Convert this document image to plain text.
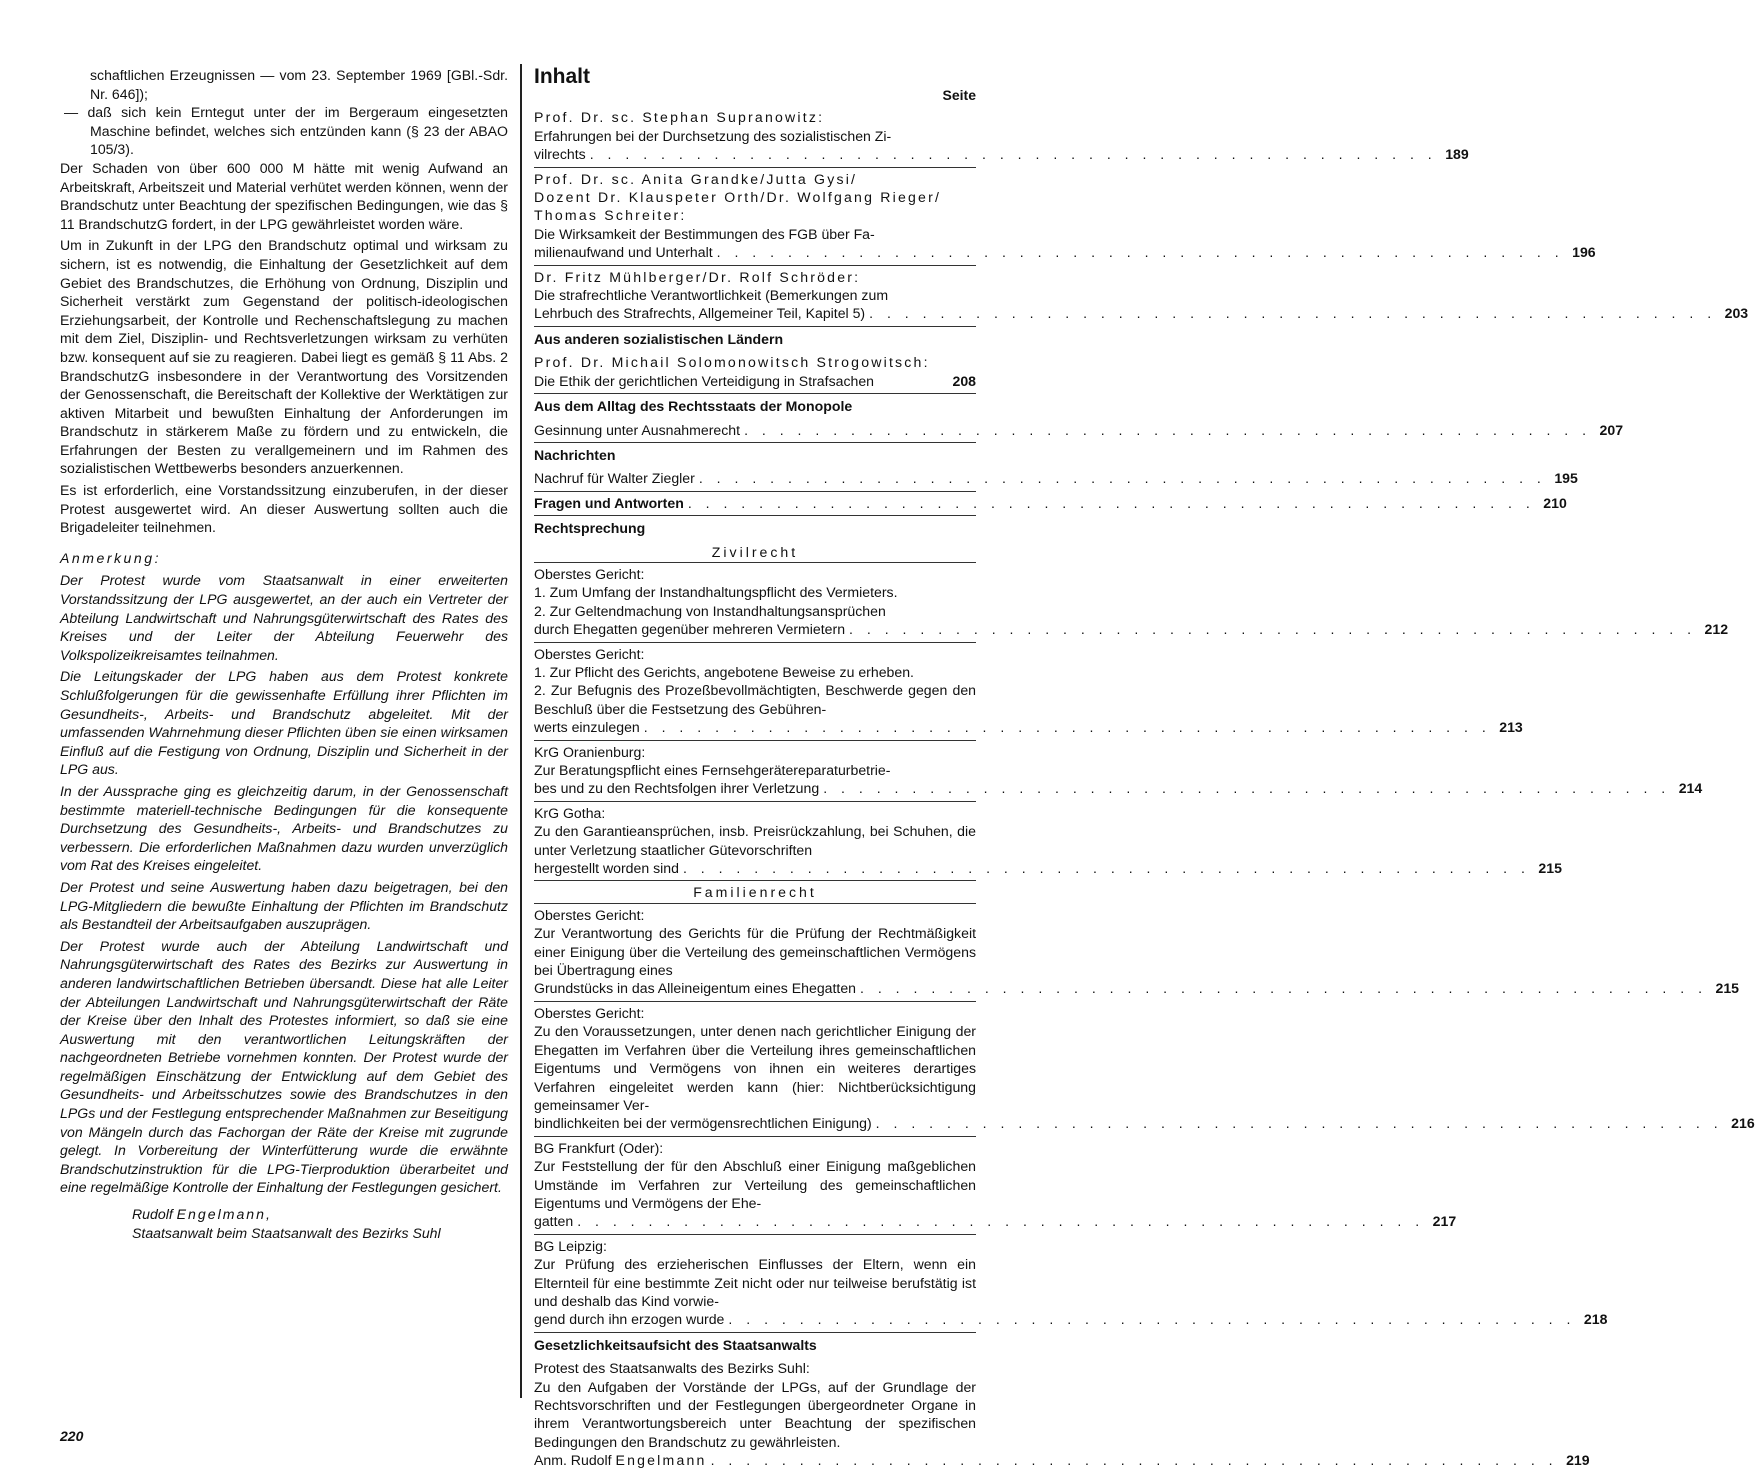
schaftlichen Erzeugnissen — vom 23. September 1969 [GBl.-Sdr. Nr. 646]);

— daß sich kein Erntegut unter der im Bergeraum eingesetzten Maschine befindet, welches sich entzünden kann (§ 23 der ABAO 105/3).

Der Schaden von über 600 000 M hätte mit wenig Aufwand an Arbeitskraft, Arbeitszeit und Material verhütet werden können, wenn der Brandschutz unter Beachtung der spezifischen Bedingungen, wie das § 11 BrandschutzG fordert, in der LPG gewährleistet worden wäre.

Um in Zukunft in der LPG den Brandschutz optimal und wirksam zu sichern, ist es notwendig, die Einhaltung der Gesetzlichkeit auf dem Gebiet des Brandschutzes, die Erhöhung von Ordnung, Disziplin und Sicherheit verstärkt zum Gegenstand der politisch-ideologischen Erziehungsarbeit, der Kontrolle und Rechenschaftslegung zu machen mit dem Ziel, Disziplin- und Rechtsverletzungen wirksam zu verhüten bzw. konsequent auf sie zu reagieren. Dabei liegt es gemäß § 11 Abs. 2 BrandschutzG insbesondere in der Verantwortung des Vorsitzenden der Genossenschaft, die Bereitschaft der Kollektive der Werktätigen zur aktiven Mitarbeit und bewußten Einhaltung der Anforderungen im Brandschutz in stärkerem Maße zu fördern und zu entwickeln, die Erfahrungen der Besten zu verallgemeinern und im Rahmen des sozialistischen Wettbewerbs besonders anzuerkennen.

Es ist erforderlich, eine Vorstandssitzung einzuberufen, in der dieser Protest ausgewertet wird. An dieser Auswertung sollten auch die Brigadeleiter teilnehmen.

Anmerkung:

Der Protest wurde vom Staatsanwalt in einer erweiterten Vorstandssitzung der LPG ausgewertet, an der auch ein Vertreter der Abteilung Landwirtschaft und Nahrungsgüterwirtschaft des Rates des Kreises und der Leiter der Abteilung Feuerwehr des Volkspolizeikreisamtes teilnahmen.

Die Leitungskader der LPG haben aus dem Protest konkrete Schlußfolgerungen für die gewissenhafte Erfüllung ihrer Pflichten im Gesundheits-, Arbeits- und Brandschutz abgeleitet. Mit der umfassenden Wahrnehmung dieser Pflichten üben sie einen wirksamen Einfluß auf die Festigung von Ordnung, Disziplin und Sicherheit in der LPG aus.

In der Aussprache ging es gleichzeitig darum, in der Genossenschaft bestimmte materiell-technische Bedingungen für die konsequente Durchsetzung des Gesundheits-, Arbeits- und Brandschutzes zu verbessern. Die erforderlichen Maßnahmen dazu wurden unverzüglich vom Rat des Kreises eingeleitet.

Der Protest und seine Auswertung haben dazu beigetragen, bei den LPG-Mitgliedern die bewußte Einhaltung der Pflichten im Brandschutz als Bestandteil der Arbeitsaufgaben auszuprägen.

Der Protest wurde auch der Abteilung Landwirtschaft und Nahrungsgüterwirtschaft des Rates des Bezirks zur Auswertung in anderen landwirtschaftlichen Betrieben übersandt. Diese hat alle Leiter der Abteilungen Landwirtschaft und Nahrungsgüterwirtschaft der Räte der Kreise über den Inhalt des Protestes informiert, so daß sie eine Auswertung mit den verantwortlichen Leitungskräften der nachgeordneten Betriebe vornehmen konnten. Der Protest wurde der regelmäßigen Einschätzung der Entwicklung auf dem Gebiet des Gesundheits- und Arbeitsschutzes sowie des Brandschutzes in den LPGs und der Festlegung entsprechender Maßnahmen zur Beseitigung von Mängeln durch das Fachorgan der Räte der Kreise mit zugrunde gelegt. In Vorbereitung der Winterfütterung wurde die erwähnte Brandschutzinstruktion für die LPG-Tierproduktion überarbeitet und eine regelmäßige Kontrolle der Einhaltung der Festlegungen gesichert.

Rudolf Engelmann,

Staatsanwalt beim Staatsanwalt des Bezirks Suhl

Inhalt
Seite
Prof. Dr. sc. Stephan Supranowitz:
Erfahrungen bei der Durchsetzung des sozialistischen Zi-
vilrechts . . . . . . . . . . . . . . . . . . . . . . . . . . . . . . . . . . . . . . . . . . . . . . . . 189
Prof. Dr. sc. Anita Grandke/Jutta Gysi/
Dozent Dr. Klauspeter Orth/Dr. Wolfgang Rieger/
Thomas Schreiter:
Die Wirksamkeit der Bestimmungen des FGB über Fa-
milienaufwand und Unterhalt . . . . . . . . . . . . . . . . . . . . . . . . . . . . . . . . . . . . . . . . . . . . . . . . 196
Dr. Fritz Mühlberger/Dr. Rolf Schröder:
Die strafrechtliche Verantwortlichkeit (Bemerkungen zum
Lehrbuch des Strafrechts, Allgemeiner Teil, Kapitel 5) . . . . . . . . . . . . . . . . . . . . . . . . . . . . . . . . . . . . . . . . . . . . . . . . 203
Aus anderen sozialistischen Ländern
Prof. Dr. Michail Solomonowitsch Strogowitsch:
Die Ethik der gerichtlichen Verteidigung in Strafsachen	208
Aus dem Alltag des Rechtsstaats der Monopole
Gesinnung unter Ausnahmerecht . . . . . . . . . . . . . . . . . . . . . . . . . . . . . . . . . . . . . . . . . . . . . . . . 207
Nachrichten
Nachruf für Walter Ziegler . . . . . . . . . . . . . . . . . . . . . . . . . . . . . . . . . . . . . . . . . . . . . . . . 195
Fragen und Antworten . . . . . . . . . . . . . . . . . . . . . . . . . . . . . . . . . . . . . . . . . . . . . . . . 210
Rechtsprechung
Zivilrecht
Oberstes Gericht:
1. Zum Umfang der Instandhaltungspflicht des Vermieters.
2. Zur Geltendmachung von Instandhaltungsansprüchen
durch Ehegatten gegenüber mehreren Vermietern . . . . . . . . . . . . . . . . . . . . . . . . . . . . . . . . . . . . . . . . . . . . . . . . 212
Oberstes Gericht:
1. Zur Pflicht des Gerichts, angebotene Beweise zu erheben.
2. Zur Befugnis des Prozeßbevollmächtigten, Beschwerde gegen den Beschluß über die Festsetzung des Gebühren-
werts einzulegen . . . . . . . . . . . . . . . . . . . . . . . . . . . . . . . . . . . . . . . . . . . . . . . . 213
KrG Oranienburg:
Zur Beratungspflicht eines Fernsehgerätereparaturbetrie-
bes und zu den Rechtsfolgen ihrer Verletzung . . . . . . . . . . . . . . . . . . . . . . . . . . . . . . . . . . . . . . . . . . . . . . . . 214
KrG Gotha:
Zu den Garantieansprüchen, insb. Preisrückzahlung, bei Schuhen, die unter Verletzung staatlicher Gütevorschriften
hergestellt worden sind . . . . . . . . . . . . . . . . . . . . . . . . . . . . . . . . . . . . . . . . . . . . . . . . 215
Familienrecht
Oberstes Gericht:
Zur Verantwortung des Gerichts für die Prüfung der Rechtmäßigkeit einer Einigung über die Verteilung des gemeinschaftlichen Vermögens bei Übertragung eines
Grundstücks in das Alleineigentum eines Ehegatten . . . . . . . . . . . . . . . . . . . . . . . . . . . . . . . . . . . . . . . . . . . . . . . . 215
Oberstes Gericht:
Zu den Voraussetzungen, unter denen nach gerichtlicher Einigung der Ehegatten im Verfahren über die Verteilung ihres gemeinschaftlichen Eigentums und Vermögens von ihnen ein weiteres derartiges Verfahren eingeleitet werden kann (hier: Nichtberücksichtigung gemeinsamer Ver-
bindlichkeiten bei der vermögensrechtlichen Einigung) . . . . . . . . . . . . . . . . . . . . . . . . . . . . . . . . . . . . . . . . . . . . . . . . 216
BG Frankfurt (Oder):
Zur Feststellung der für den Abschluß einer Einigung maßgeblichen Umstände im Verfahren zur Verteilung des gemeinschaftlichen Eigentums und Vermögens der Ehe-
gatten . . . . . . . . . . . . . . . . . . . . . . . . . . . . . . . . . . . . . . . . . . . . . . . . 217
BG Leipzig:
Zur Prüfung des erzieherischen Einflusses der Eltern, wenn ein Elternteil für eine bestimmte Zeit nicht oder nur teilweise berufstätig ist und deshalb das Kind vorwie-
gend durch ihn erzogen wurde . . . . . . . . . . . . . . . . . . . . . . . . . . . . . . . . . . . . . . . . . . . . . . . . 218
Gesetzlichkeitsaufsicht des Staatsanwalts
Protest des Staatsanwalts des Bezirks Suhl:
Zu den Aufgaben der Vorstände der LPGs, auf der Grundlage der Rechtsvorschriften und der Festlegungen übergeordneter Organe in ihrem Verantwortungsbereich unter Beachtung der spezifischen Bedingungen den Brandschutz zu gewährleisten.
Anm. Rudolf Engelmann . . . . . . . . . . . . . . . . . . . . . . . . . . . . . . . . . . . . . . . . . . . . . . . . 219
220
